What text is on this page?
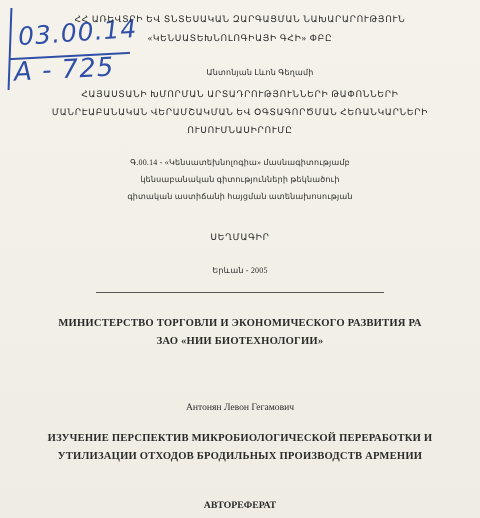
03.00.14
A - 725
ՀՀ ԱՌԵՎՏՐԻ ԵՎ ՏՆՏԵՍԱԿԱՆ ԶԱՐԳԱՑՄԱՆ ՆԱԽԱՐԱՐՈՒԹՅՈՒՆ
«ԿԵՆՍԱՏԵԽՆՈԼՈԳԻԱՅԻ ԳՀԻ» ՓԲԸ
Անտոնյան Լևոն Գեղամի
ՀԱՅԱՍՏԱՆԻ ԽՄՈՐՄԱՆ ԱՐՏԱԴՐՈՒԹՅՈՒՆՆԵՐԻ ԹԱՓՈՆՆԵՐԻ
ՄԱՆՐԷԱԲԱՆԱԿԱՆ ՎԵՐԱՄՇԱԿՄԱՆ ԵՎ ՕԳՏԱԳՈՐԾՄԱՆ ՀԵՌԱՆԿԱՐՆԵՐԻ
ՈՒՍՈՒՄՆԱՍԻՐՈՒՄԸ
Գ.00.14 - «Կենսատեխնոլոգիա» մասնագիտությամբ
կենսաբանական գիտությունների թեկնածուի
գիտական աստիճանի հայցման ատենախոսության
ՍԵՂՄԱԳԻՐ
Երևան - 2005
МИНИСТЕРСТВО ТОРГОВЛИ И ЭКОНОМИЧЕСКОГО РАЗВИТИЯ РА
ЗАО «НИИ БИОТЕХНОЛОГИИ»
Антонян Левон Гегамович
ИЗУЧЕНИЕ ПЕРСПЕКТИВ МИКРОБИОЛОГИЧЕСКОЙ ПЕРЕРАБОТКИ И
УТИЛИЗАЦИИ ОТХОДОВ БРОДИЛЬНЫХ ПРОИЗВОДСТВ АРМЕНИИ
АВТОРЕФЕРАТ
